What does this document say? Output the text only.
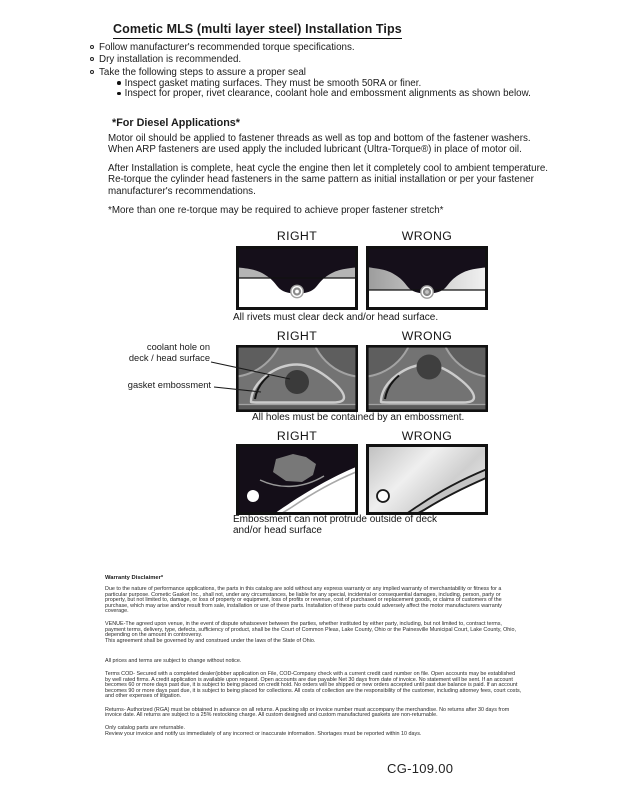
Cometic MLS (multi layer steel) Installation Tips
Follow manufacturer's recommended torque specifications.
Dry installation is recommended.
Take the following steps to assure a proper seal
Inspect gasket mating surfaces. They must be smooth 50RA or finer.
Inspect for proper, rivet clearance, coolant hole and embossment alignments as shown below.
*For Diesel Applications*

Motor oil should be applied to fastener threads as well as top and bottom of the fastener washers. When ARP fasteners are used apply the included lubricant (Ultra-Torque®) in place of motor oil.

After Installation is complete, heat cycle the engine then let it completely cool to ambient temperature. Re-torque the cylinder head fasteners in the same pattern as initial installation or per your fastener manufacturer's recommendations.

*More than one re-torque may be required to achieve proper fastener stretch*

RIGHT	WRONG
All rivets must clear deck and/or head surface.
RIGHT	WRONG
coolant hole on
deck / head surface
gasket embossment
All holes must be contained by an embossment.
RIGHT	WRONG
Embossment can not protrude outside of deck
and/or head surface
Warranty Disclaimer*

Due to the nature of performance applications, the parts in this catalog are sold without any express warranty or any implied warranty of merchantability or fitness for a particular purpose. Cometic Gasket Inc., shall not, under any circumstances, be liable for any special, incidental or consequential damages, including, person, party or property, but not limited to, damage, or loss of property or equipment, loss of profits or revenue, cost of purchased or replacement goods, or claims of customers of the purchase, which may arise and/or result from sale, installation or use of these parts. Installation of these parts could adversely affect the motor manufacturers warranty coverage.

VENUE-The agreed upon venue, in the event of dispute whatsoever between the parties, whether instituted by either party, including, but not limited to, contract terms, payment terms, delivery, type, defects, sufficiency of product, shall be the Court of Common Pleas, Lake County, Ohio or the Painesville Municipal Court, Lake County, Ohio, depending on the amount in controversy.

This agreement shall be governed by and construed under the laws of the State of Ohio.

All prices and terms are subject to change without notice.

Terms COD- Secured with a completed dealer/jobber application on File, COD-Company check with a current credit card number on file. Open accounts may be established by well rated firms. A credit application is available upon request. Open accounts are due payable Net 30 days from date of invoice. No statement will be sent. If an account becomes 60 or more days past due, it is subject to being placed on credit hold. No orders will be shipped or new orders accepted until past due balance is paid. If an account becomes 90 or more days past due, it is subject to being placed for collections. All costs of collection are the responsibility of the customer, including attorney fees, court costs, and other expenses of litigation.

Returns- Authorized (RGA) must be obtained in advance on all returns. A packing slip or invoice number must accompany the merchandise. No returns after 30 days from invoice date. All returns are subject to a 25% restocking charge. All custom designed and custom manufactured gaskets are non-returnable.

Only catalog parts are returnable.

Review your invoice and notify us immediately of any incorrect or inaccurate information. Shortages must be reported within 10 days.

CG-109.00
